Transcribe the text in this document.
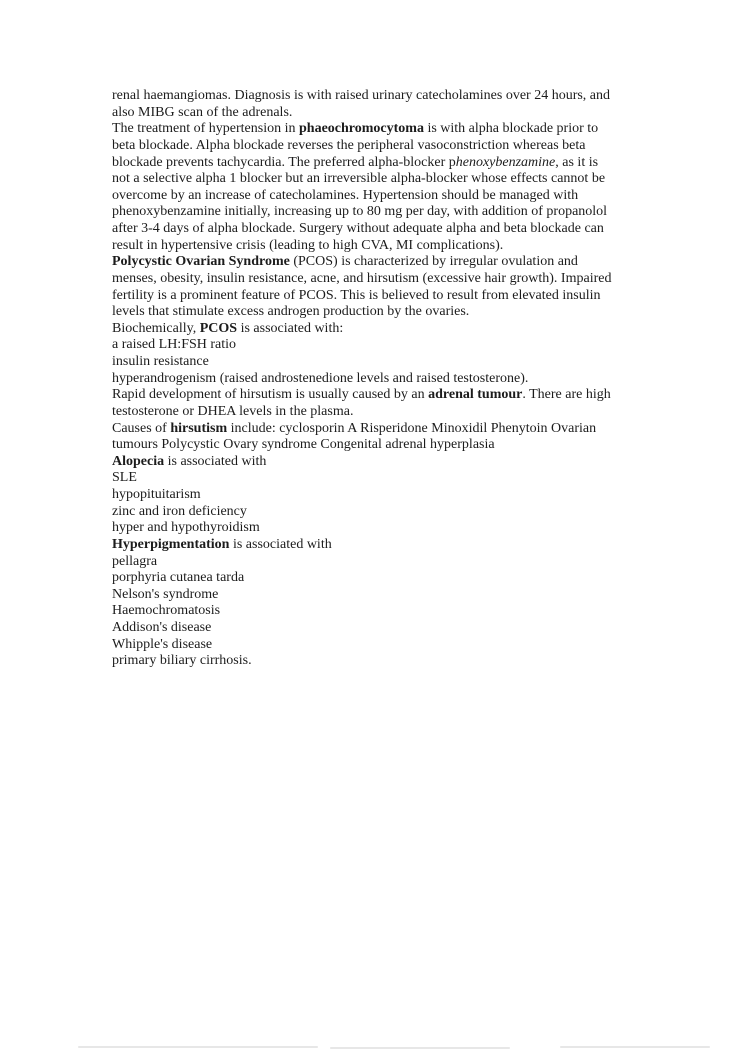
renal haemangiomas. Diagnosis is with raised urinary catecholamines over 24 hours, and
also MIBG scan of the adrenals.
The treatment of hypertension in phaeochromocytoma is with alpha blockade prior to
beta blockade. Alpha blockade reverses the peripheral vasoconstriction whereas beta
blockade prevents tachycardia. The preferred alpha-blocker phenoxybenzamine, as it is
not a selective alpha 1 blocker but an irreversible alpha-blocker whose effects cannot be
overcome by an increase of catecholamines. Hypertension should be managed with
phenoxybenzamine initially, increasing up to 80 mg per day, with addition of propanolol
after 3-4 days of alpha blockade. Surgery without adequate alpha and beta blockade can
result in hypertensive crisis (leading to high CVA, MI complications).
Polycystic Ovarian Syndrome (PCOS) is characterized by irregular ovulation and
menses, obesity, insulin resistance, acne, and hirsutism (excessive hair growth). Impaired
fertility is a prominent feature of PCOS. This is believed to result from elevated insulin
levels that stimulate excess androgen production by the ovaries.
Biochemically, PCOS is associated with:
a raised LH:FSH ratio
insulin resistance
hyperandrogenism (raised androstenedione levels and raised testosterone).
Rapid development of hirsutism is usually caused by an adrenal tumour. There are high
testosterone or DHEA levels in the plasma.
Causes of hirsutism include: cyclosporin A Risperidone Minoxidil Phenytoin Ovarian
tumours Polycystic Ovary syndrome Congenital adrenal hyperplasia
Alopecia is associated with
SLE
hypopituitarism
zinc and iron deficiency
hyper and hypothyroidism
Hyperpigmentation is associated with
pellagra
porphyria cutanea tarda
Nelson's syndrome
Haemochromatosis
Addison's disease
Whipple's disease
primary biliary cirrhosis.
